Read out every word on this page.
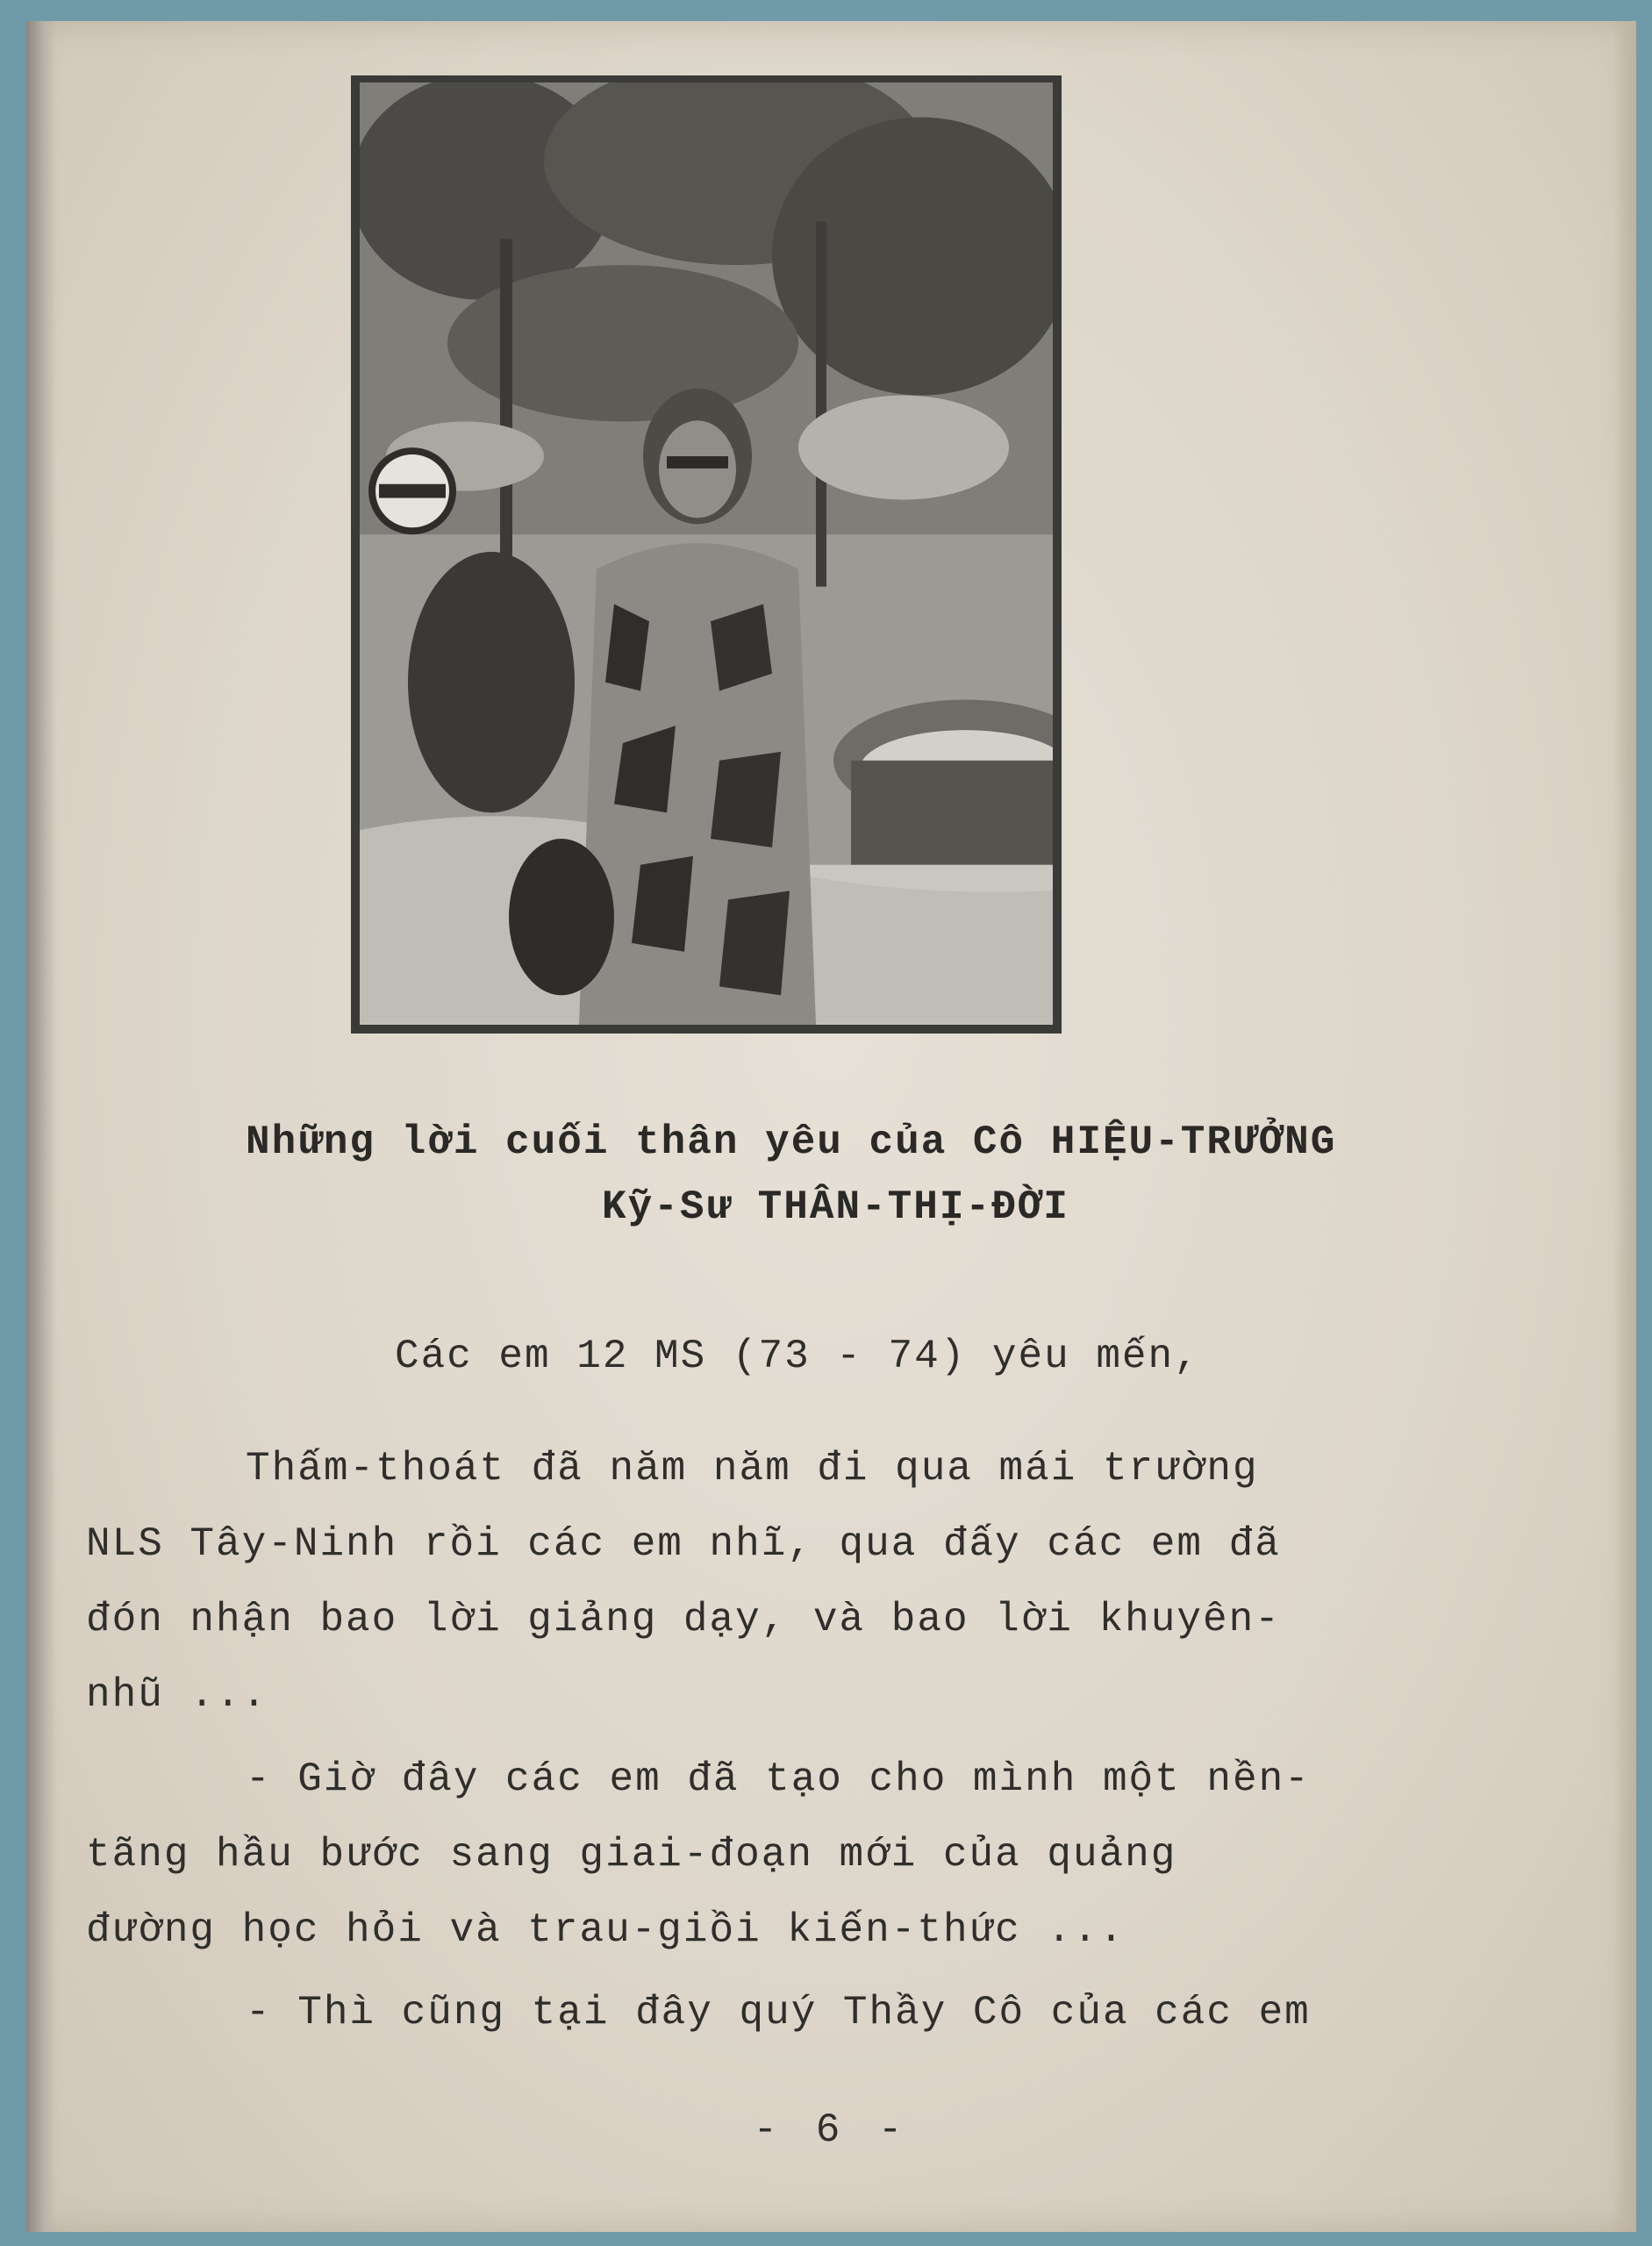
Những lời cuối thân yêu của Cô HIỆU-TRƯỞNG

Kỹ-Sư THÂN-THỊ-ĐỜI

Các em 12 MS (73 - 74) yêu mến,

Thấm-thoát đã năm năm đi qua mái trường

NLS Tây-Ninh rồi các em nhĩ, qua đấy các em đã

đón nhận bao lời giảng dạy, và bao lời khuyên-

nhũ ...

- Giờ đây các em đã tạo cho mình một nền-

tãng hầu bước sang giai-đoạn mới của quảng

đường học hỏi và trau-giồi kiến-thức ...

- Thì cũng tại đây quý Thầy Cô của các em

- 6 -
